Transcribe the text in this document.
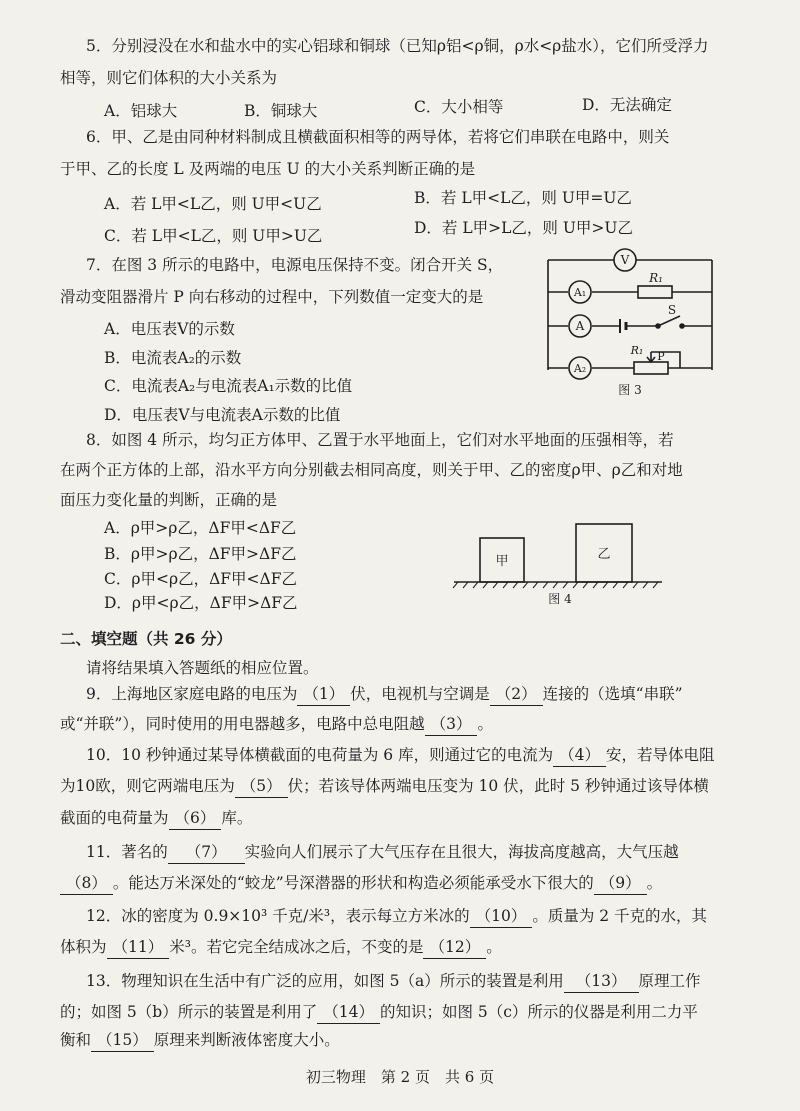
5．分别浸没在水和盐水中的实心铝球和铜球（已知ρ铝<ρ铜，ρ水<ρ盐水），它们所受浮力
相等，则它们体积的大小关系为
A．铝球大	B．铜球大	C．大小相等	D．无法确定
6．甲、乙是由同种材料制成且横截面积相等的两导体，若将它们串联在电路中，则关
于甲、乙的长度 L 及两端的电压 U 的大小关系判断正确的是
A．若 L甲<L乙，则 U甲<U乙	B．若 L甲<L乙，则 U甲=U乙
C．若 L甲<L乙，则 U甲>U乙	D．若 L甲>L乙，则 U甲>U乙
7．在图 3 所示的电路中，电源电压保持不变。闭合开关 S，
滑动变阻器滑片 P 向右移动的过程中，下列数值一定变大的是
A．电压表V的示数
B．电流表A₂的示数
C．电流表A₂与电流表A₁示数的比值
D．电压表V与电流表A示数的比值
V
A₁
A
A₂
R₁
S
R₁ P
图 3
8．如图 4 所示，均匀正方体甲、乙置于水平地面上，它们对水平地面的压强相等，若
在两个正方体的上部，沿水平方向分别截去相同高度，则关于甲、乙的密度ρ甲、ρ乙和对地
面压力变化量的判断，正确的是
A．ρ甲>ρ乙，ΔF甲<ΔF乙
B．ρ甲>ρ乙，ΔF甲>ΔF乙
C．ρ甲<ρ乙，ΔF甲<ΔF乙
D．ρ甲<ρ乙，ΔF甲>ΔF乙
甲	乙
图 4
二、填空题（共 26 分）
请将结果填入答题纸的相应位置。
9．上海地区家庭电路的电压为 （1） 伏，电视机与空调是 （2） 连接的（选填“串联”
或“并联”），同时使用的用电器越多，电路中总电阻越 （3） 。
10．10 秒钟通过某导体横截面的电荷量为 6 库，则通过它的电流为 （4） 安，若导体电阻
为10欧，则它两端电压为 （5） 伏；若该导体两端电压变为 10 伏，此时 5 秒钟通过该导体横
截面的电荷量为 （6） 库。
11．著名的 （7） 实验向人们展示了大气压存在且很大，海拔高度越高，大气压越
（8） 。能达万米深处的“蛟龙”号深潜器的形状和构造必须能承受水下很大的 （9） 。
12．冰的密度为 0.9×10³ 千克/米³，表示每立方米冰的 （10） 。质量为 2 千克的水，其
体积为 （11） 米³。若它完全结成冰之后，不变的是 （12） 。
13．物理知识在生活中有广泛的应用，如图 5（a）所示的装置是利用 （13） 原理工作
的；如图 5（b）所示的装置是利用了 （14） 的知识；如图 5（c）所示的仪器是利用二力平
衡和 （15） 原理来判断液体密度大小。
初三物理　第 2 页　共 6 页
